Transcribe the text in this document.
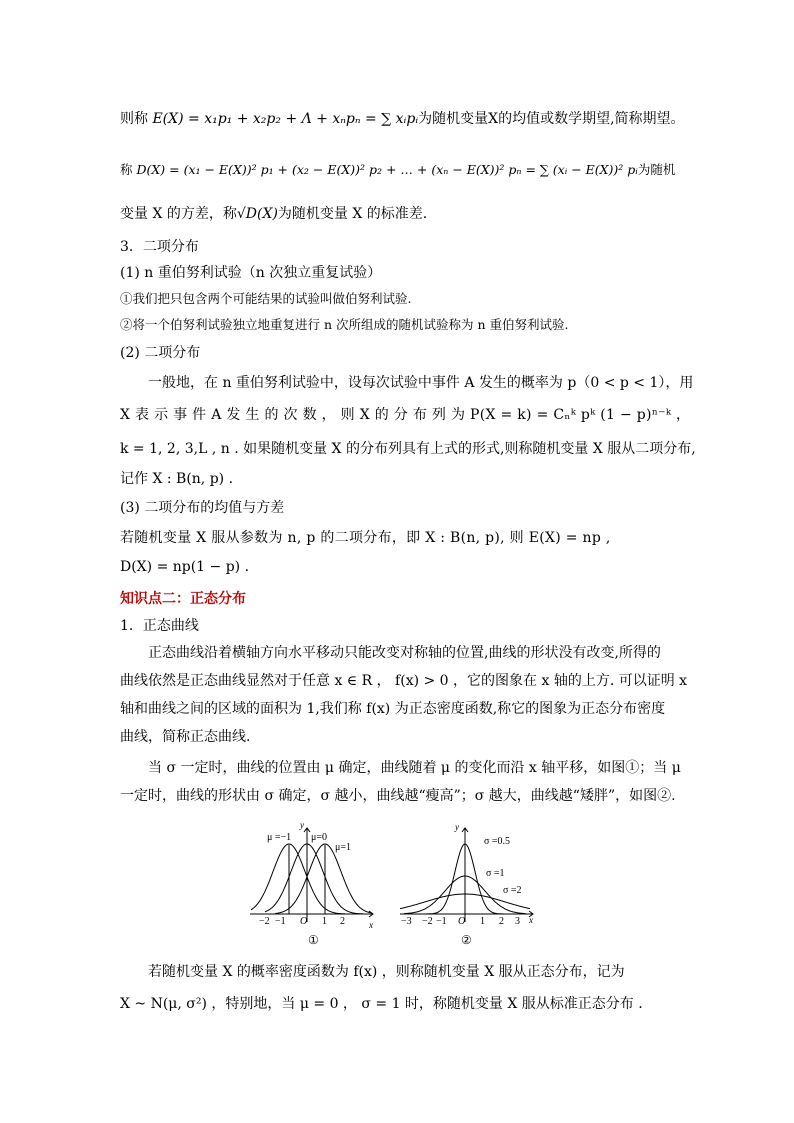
则称 E(X) = x₁p₁ + x₂p₂ + Λ + xₙpₙ = ∑ xᵢpᵢ为随机变量X的均值或数学期望,简称期望。
称 D(X) = (x₁ − E(X))² p₁ + (x₂ − E(X))² p₂ + … + (xₙ − E(X))² pₙ = ∑ (xᵢ − E(X))² pᵢ为随机
变量 X 的方差，称√D(X)为随机变量 X 的标准差.
3．二项分布
(1) n 重伯努利试验（n 次独立重复试验）
①我们把只包含两个可能结果的试验叫做伯努利试验.
②将一个伯努利试验独立地重复进行 n 次所组成的随机试验称为 n 重伯努利试验.
(2) 二项分布
一般地，在 n 重伯努利试验中，设每次试验中事件 A 发生的概率为 p（0 < p < 1），用
X 表 示 事 件 A 发 生 的 次 数 ， 则 X 的 分 布 列 为 P(X = k) = Cₙᵏ pᵏ (1 − p)ⁿ⁻ᵏ ，
k = 1, 2, 3,L , n . 如果随机变量 X 的分布列具有上式的形式,则称随机变量 X 服从二项分布,
记作 X : B(n, p) .
(3) 二项分布的均值与方差
若随机变量 X 服从参数为 n, p 的二项分布，即 X : B(n, p), 则 E(X) = np ,
D(X) = np(1 − p) .
知识点二：正态分布
1．正态曲线
正态曲线沿着横轴方向水平移动只能改变对称轴的位置,曲线的形状没有改变,所得的
曲线依然是正态曲线显然对于任意 x ∈ R ， f(x) > 0 ，它的图象在 x 轴的上方. 可以证明 x
轴和曲线之间的区域的面积为 1,我们称 f(x) 为正态密度函数,称它的图象为正态分布密度
曲线，简称正态曲线.
当 σ 一定时，曲线的位置由 μ 确定，曲线随着 μ 的变化而沿 x 轴平移，如图①；当 μ
一定时，曲线的形状由 σ 确定，σ 越小，曲线越“瘦高”；σ 越大，曲线越“矮胖”，如图②.
μ =−1 μ=0
μ=1
y
x
O
−2 −1	1 2
①
σ =0.5
σ =1
σ =2
y
x
O
−3 −2 −1	1 2 3
②
若随机变量 X 的概率密度函数为 f(x) ，则称随机变量 X 服从正态分布，记为
X ~ N(μ, σ²) ，特别地，当 μ = 0 ， σ = 1 时，称随机变量 X 服从标准正态分布 .
